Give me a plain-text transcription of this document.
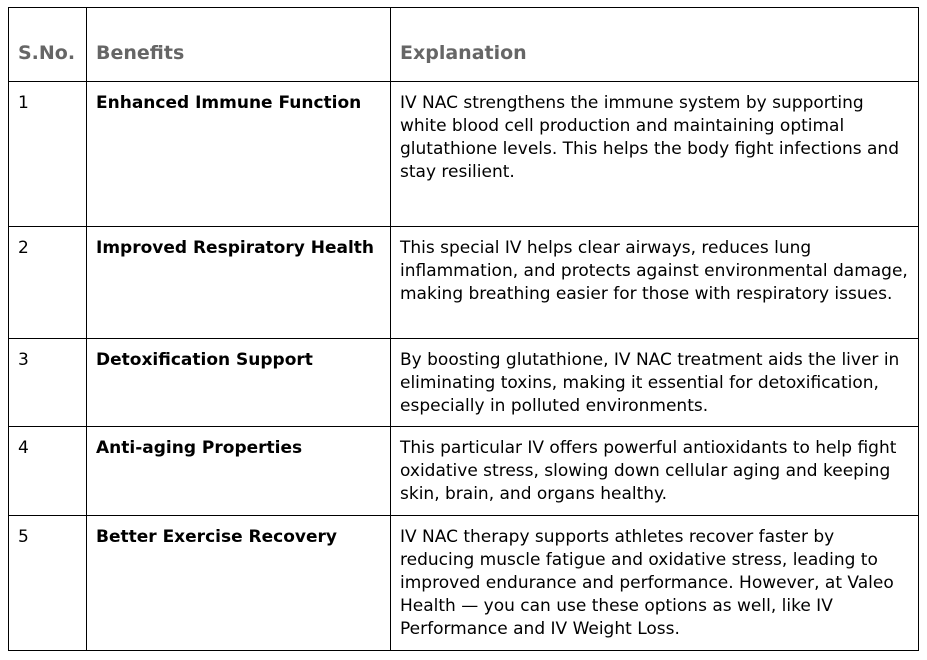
S.No.	Benefits	Explanation
1	Enhanced Immune Function	IV NAC strengthens the immune system by supporting white blood cell production and maintaining optimal glutathione levels. This helps the body fight infections and stay resilient.
2	Improved Respiratory Health	This special IV helps clear airways, reduces lung inflammation, and protects against environmental damage, making breathing easier for those with respiratory issues.
3	Detoxification Support	By boosting glutathione, IV NAC treatment aids the liver in eliminating toxins, making it essential for detoxification, especially in polluted environments.
4	Anti-aging Properties	This particular IV offers powerful antioxidants to help fight oxidative stress, slowing down cellular aging and keeping skin, brain, and organs healthy.
5	Better Exercise Recovery	IV NAC therapy supports athletes recover faster by reducing muscle fatigue and oxidative stress, leading to improved endurance and performance. However, at Valeo Health — you can use these options as well, like IV Performance and IV Weight Loss.
